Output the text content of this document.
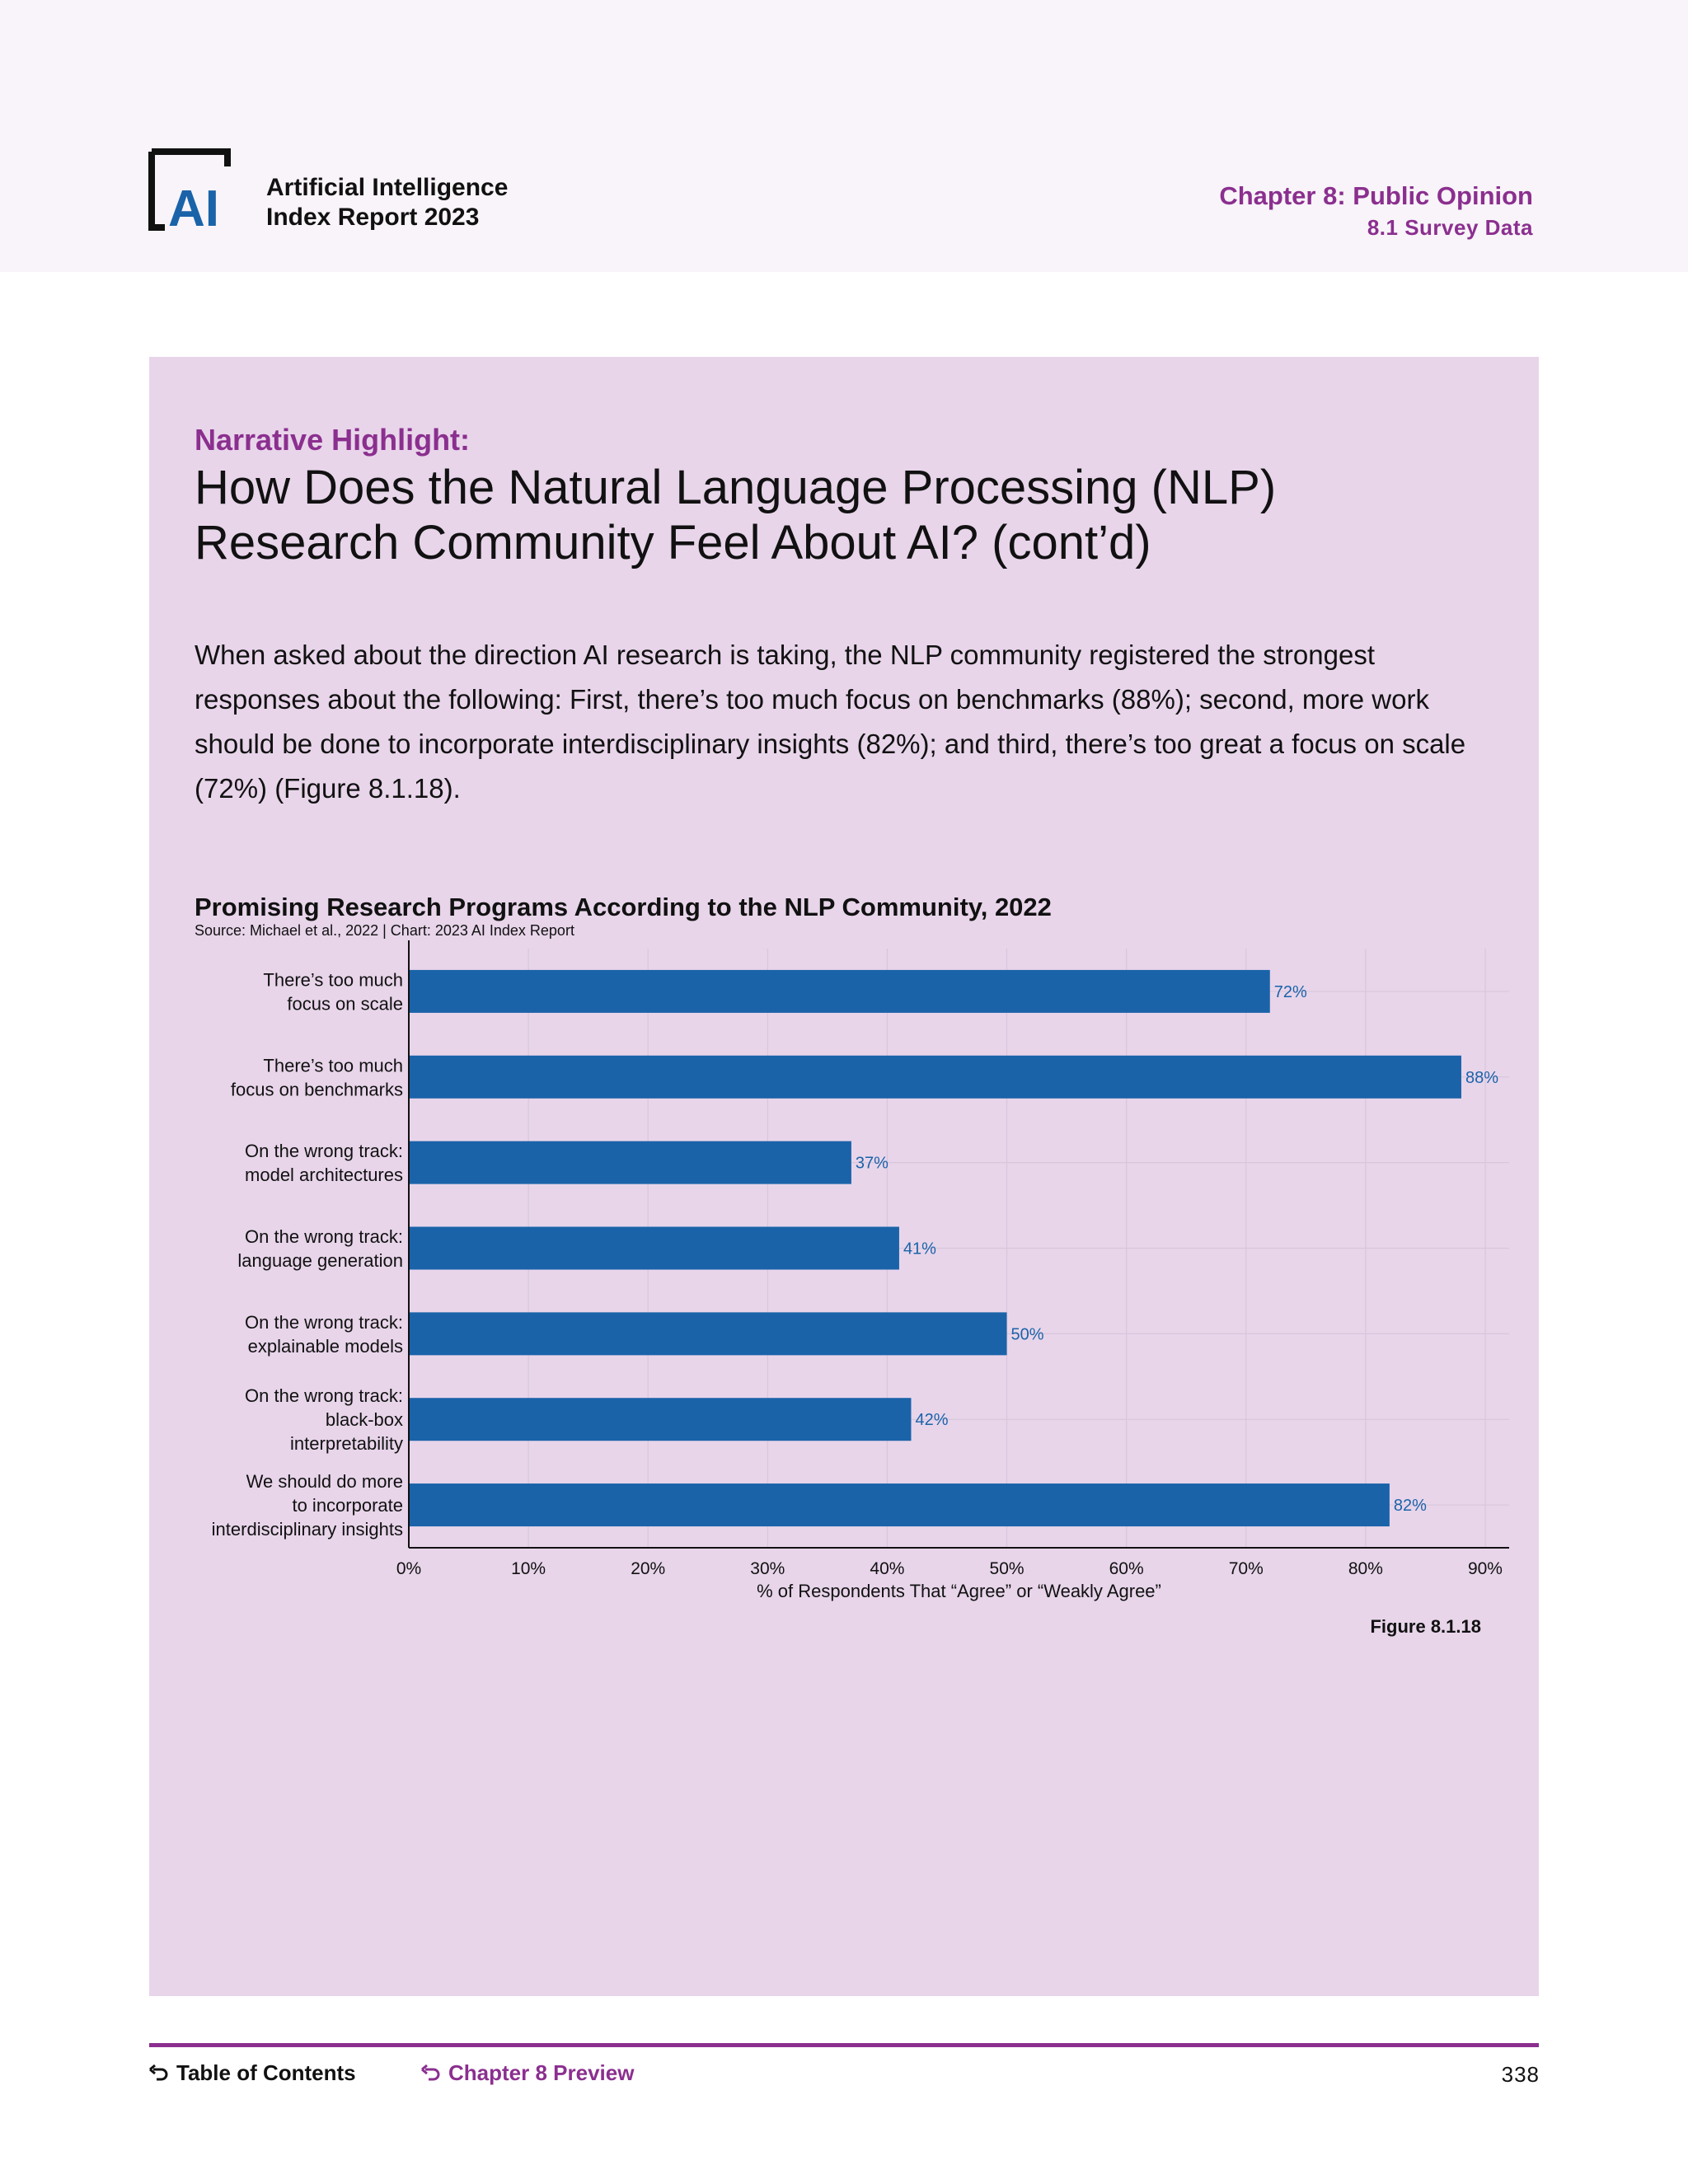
AI Artificial Intelligence
Index Report 2023
Chapter 8: Public Opinion
8.1 Survey Data
Narrative Highlight:
How Does the Natural Language Processing (NLP) Research Community Feel About AI? (cont’d)
When asked about the direction AI research is taking, the NLP community registered the strongest responses about the following: First, there’s too much focus on benchmarks (88%); second, more work should be done to incorporate interdisciplinary insights (82%); and third, there’s too great a focus on scale (72%) (Figure 8.1.18).
Promising Research Programs According to the NLP Community, 2022
Source: Michael et al., 2022 | Chart: 2023 AI Index Report
72%
There’s too much
focus on scale
88%
There’s too much
focus on benchmarks
37%
On the wrong track:
model architectures
41%
On the wrong track:
language generation
50%
On the wrong track:
explainable models
42%
On the wrong track:
black-box
interpretability
82%
We should do more
to incorporate
interdisciplinary insights
0%	10%	20%	30%	40%	50%	60%	70%	80%	90%
% of Respondents That “Agree” or “Weakly Agree”
Figure 8.1.18
Table of Contents	Chapter 8 Preview	338
